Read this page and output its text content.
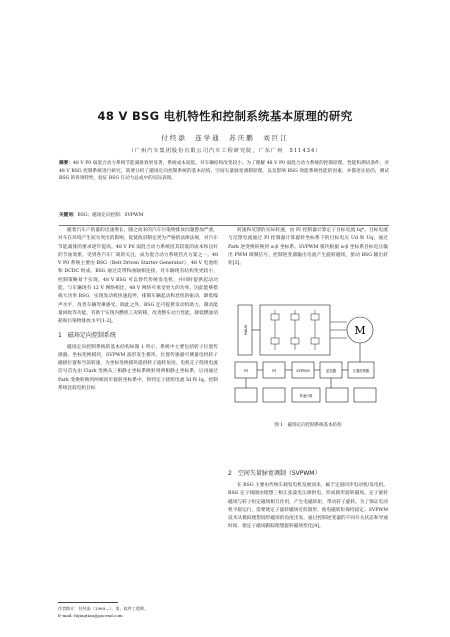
48 V BSG 电机特性和控制系统基本原理的研究
付经添　连学通　苏庆鹏　刘巨江
（广州汽车集团股份有限公司汽车工程研究院，广东广州　511434）
摘要：48 V P0 弱混合动力系统节能减排效果显著，系统成本较低，对车辆结构改变较小。为了理解 48 V P0 弱混合动力系统的控制原理，性能和测试条件，对 48 V BSG 控制系统进行研究，简要分析了磁场定向控制系统的基本结构，空间矢量脉宽调制原理，以及影响 BSG 效能系统性能的因素，并描述实验的，测试 BSG 的各项特性，验证 BSG 在动力总成中的实际表现。
关键词：BSG；磁场定向控制；SVPWM

随着汽车产销量的迅速增长，随之而来的汽车污染物排放问题愈加严重，对车在环境产生较为突出的影响，促使政府制定更为严格的法律法规，对汽车节能减排的要求逐年提高。48 V P0 弱混合动力系统因其较低的成本和良好的节油效果，受到各汽车厂商的关注，成为混合动力系统热点方案之一。48 V P0 系统主要由 BSG（Belt Driven Starter Generator）、48 V 电池组和 DCDC 组成。BSG 通过皮带和曲轴相连接，对车辆现有结构变更较小，控制策略易于实现。48 V BSG 可以替代传统发电机，并同时提供起动功能。与车辆现有 12 V 网络相比，48 V 网络可承受更大的功率，因此能够搭载大功率 BSG，实现发动机快速起停，排制车辆起动和怠机的振动，降低噪声水平，改善车辆驾乘感受。除此之外，BSG 还可提供发动机助力，制动能量回收等功能，有助于实现内燃机工况转移，改善整车动力性能，降低燃油消耗和污染物排放水平[1-2]。

1　磁场定向控制系统

磁场定向控制系统的基本结构如图 1 所示，系统中主要包括转子位置传感器，坐标变换模块，SVPWM 波形发生模块，位置传感器可测量电机转子磁极位置和当前转速，为坐标变换模块提供转子旋转角度。电机定子绕组电流信号首先由 Clark 变换从三相静止坐标系映射到两相静止坐标系，后再通过 Park 变换转换到两相同步旋转坐标系中，得到定子绕组电流 Id 和 Iq，控制系统比较电机目标

转速和反馈的实际转速，由 PI 控制器计算定子目标电流 Iq*。目标电流与反馈电流通过 PI 控制器计算旋转坐标系下的目标电压 Ud 和 Uq，通过 Park 逆变换转换到 α-β 坐标系。SVPWM 模块根据 α-β 坐标系目标电压输出 PWM 调制信号，控制逆变器输出电流产生旋转磁场，驱动 BSG 输出转矩[3]。

M
MAUS
PI	PI	SVPWM	逆变器	位置传感器
转速计算
图 1　磁场定向控制系统基本结构
2　空间矢量脉宽调制（SVPWM）

在 BSG 主要由传统车载发电机发展而来，属于定国同步电动机/发电机。BSG 定子线圈由理想三相正弦波电压源供电，形成圆形旋转磁场。定子旋转磁场与转子恒定磁场相互作用，产生电磁转矩，带动转子旋转。为了保证电动机平稳运行，需要使定子旋转磁场近似圆形，使电磁转矩保持稳定。SVPWM 技术从模拟理想圆形磁场的角度出发，通过控制逆变器的不同开关状态和导通时间，使定子磁场跟踪理想旋转磁场变化[4]。

作者简介：付经添（1989—），男，软件工程师。
E-mail: fujingtian@gacrnd.com
